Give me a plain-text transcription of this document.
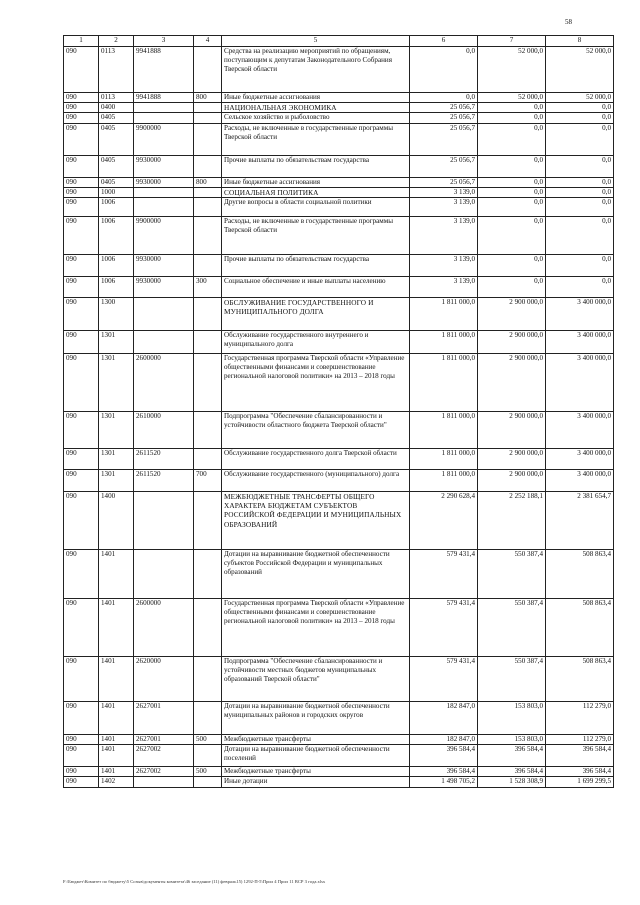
58
1	2	3	4	5	6	7	8
090	0113	9941888		Средства на реализацию мероприятий по обращениям, поступающим к депутатам Законодательного Собрания Тверской области	0,0	52 000,0	52 000,0
090	0113	9941888	800	Иные бюджетные ассигнования	0,0	52 000,0	52 000,0
090	0400			НАЦИОНАЛЬНАЯ ЭКОНОМИКА	25 056,7	0,0	0,0
090	0405			Сельское хозяйство и рыболовство	25 056,7	0,0	0,0
090	0405	9900000		Расходы, не включенные в государственные программы Тверской области	25 056,7	0,0	0,0
090	0405	9930000		Прочие выплаты по обязательствам государства	25 056,7	0,0	0,0
090	0405	9930000	800	Иные бюджетные ассигнования	25 056,7	0,0	0,0
090	1000			СОЦИАЛЬНАЯ ПОЛИТИКА	3 139,0	0,0	0,0
090	1006			Другие вопросы в области социальной политики	3 139,0	0,0	0,0
090	1006	9900000		Расходы, не включенные в государственные программы Тверской области	3 139,0	0,0	0,0
090	1006	9930000		Прочие выплаты по обязательствам государства	3 139,0	0,0	0,0
090	1006	9930000	300	Социальное обеспечение и иные выплаты населению	3 139,0	0,0	0,0
090	1300			ОБСЛУЖИВАНИЕ ГОСУДАРСТВЕННОГО И МУНИЦИПАЛЬНОГО ДОЛГА	1 811 000,0	2 900 000,0	3 400 000,0
090	1301			Обслуживание государственного внутреннего и муниципального долга	1 811 000,0	2 900 000,0	3 400 000,0
090	1301	2600000		Государственная программа Тверской области «Управление общественными финансами и совершенствование региональной налоговой политики» на 2013 – 2018 годы	1 811 000,0	2 900 000,0	3 400 000,0
090	1301	2610000		Подпрограмма "Обеспечение сбалансированности и устойчивости областного бюджета Тверской области"	1 811 000,0	2 900 000,0	3 400 000,0
090	1301	2611520		Обслуживание государственного долга Тверской области	1 811 000,0	2 900 000,0	3 400 000,0
090	1301	2611520	700	Обслуживание государственного (муниципального) долга	1 811 000,0	2 900 000,0	3 400 000,0
090	1400			МЕЖБЮДЖЕТНЫЕ ТРАНСФЕРТЫ ОБЩЕГО ХАРАКТЕРА БЮДЖЕТАМ СУБЪЕКТОВ РОССИЙСКОЙ ФЕДЕРАЦИИ И МУНИЦИПАЛЬНЫХ ОБРАЗОВАНИЙ	2 290 628,4	2 252 188,1	2 381 654,7
090	1401			Дотации на выравнивание бюджетной обеспеченности субъектов Российской Федерации и муниципальных образований	579 431,4	550 387,4	508 863,4
090	1401	2600000		Государственная программа Тверской области «Управление общественными финансами и совершенствование региональной налоговой политики» на 2013 – 2018 годы	579 431,4	550 387,4	508 863,4
090	1401	2620000		Подпрограмма "Обеспечение сбалансированности и устойчивости местных бюджетов муниципальных образований Тверской области"	579 431,4	550 387,4	508 863,4
090	1401	2627001		Дотации на выравнивание бюджетной обеспеченности муниципальных районов и городских округов	182 847,0	153 803,0	112 279,0
090	1401	2627001	500	Межбюджетные трансферты	182 847,0	153 803,0	112 279,0
090	1401	2627002		Дотации на выравнивание бюджетной обеспеченности поселений	396 584,4	396 584,4	396 584,4
090	1401	2627002	500	Межбюджетные трансферты	396 584,4	396 584,4	396 584,4
090	1402			Иные дотации	1 498 705,2	1 528 308,9	1 699 299,5
F:\Бюджет\Комитет по бюджету\5 Созыв\документы комитета\46 заседание (11) февраль15) 1292-П-5\Прил 4 Прил 11 ВСР 3 года.xlsx
